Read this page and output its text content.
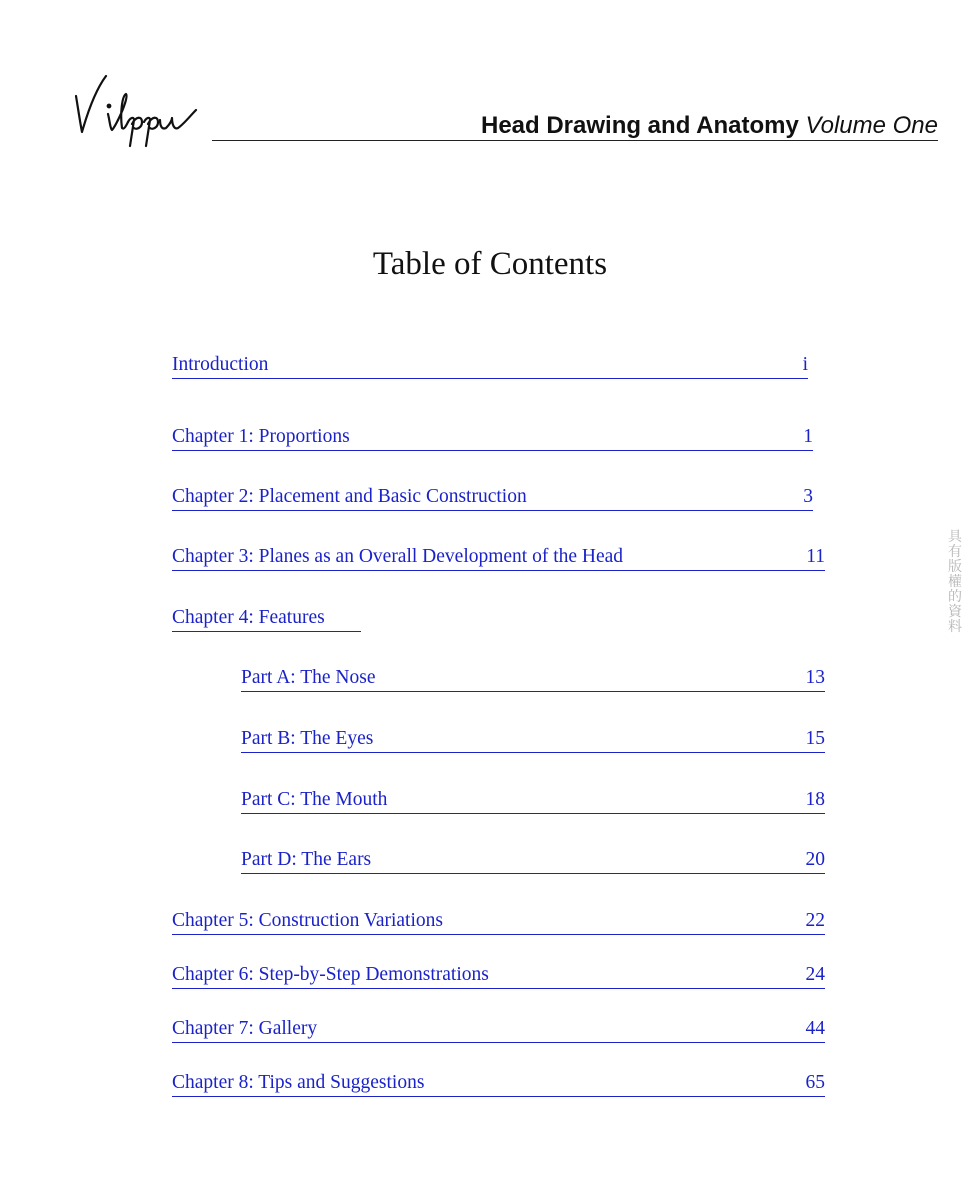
Head Drawing and Anatomy Volume One
Table of Contents
Introduction	i
Chapter 1: Proportions	1
Chapter 2: Placement and Basic Construction	3
Chapter 3: Planes as an Overall Development of the Head	11
Chapter 4: Features
Part A: The Nose	13
Part B: The Eyes	15
Part C: The Mouth	18
Part D: The Ears	20
Chapter 5: Construction Variations	22
Chapter 6: Step-by-Step Demonstrations	24
Chapter 7: Gallery	44
Chapter 8: Tips and Suggestions	65
具有版權的資料
